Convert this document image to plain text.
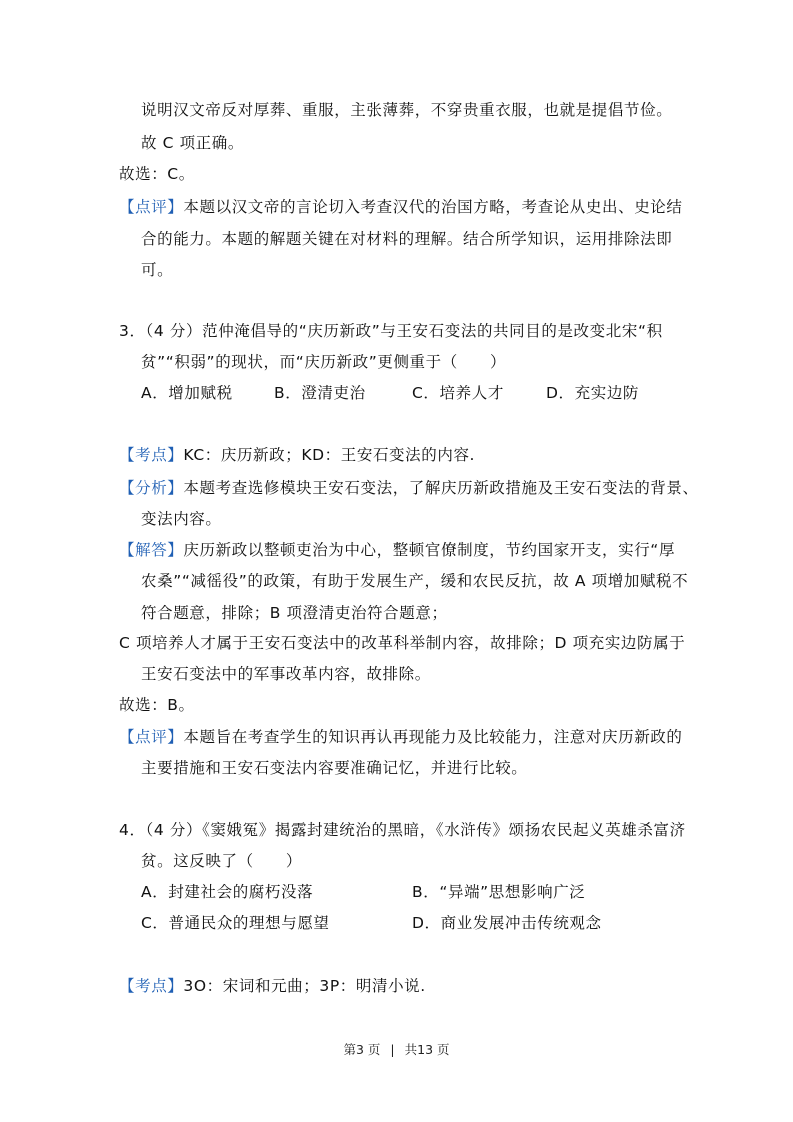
说明汉文帝反对厚葬、重服，主张薄葬，不穿贵重衣服，也就是提倡节俭。
故 C 项正确。
故选：C。
【点评】本题以汉文帝的言论切入考查汉代的治国方略，考查论从史出、史论结
合的能力。本题的解题关键在对材料的理解。结合所学知识，运用排除法即
可。
3．（4 分）范仲淹倡导的“庆历新政”与王安石变法的共同目的是改变北宋“积
贫”“积弱”的现状，而“庆历新政”更侧重于（　　）
A．增加赋税	B．澄清吏治	C．培养人才	D．充实边防
【考点】KC：庆历新政；KD：王安石变法的内容.
【分析】本题考查选修模块王安石变法，了解庆历新政措施及王安石变法的背景、
变法内容。
【解答】庆历新政以整顿吏治为中心，整顿官僚制度，节约国家开支，实行“厚
农桑”“减徭役”的政策，有助于发展生产，缓和农民反抗，故 A 项增加赋税不
符合题意，排除；B 项澄清吏治符合题意；
C 项培养人才属于王安石变法中的改革科举制内容，故排除；D 项充实边防属于
王安石变法中的军事改革内容，故排除。
故选：B。
【点评】本题旨在考查学生的知识再认再现能力及比较能力，注意对庆历新政的
主要措施和王安石变法内容要准确记忆，并进行比较。
4．（4 分）《窦娥冤》揭露封建统治的黑暗，《水浒传》颂扬农民起义英雄杀富济
贫。这反映了（　　）
A．封建社会的腐朽没落	B．“异端”思想影响广泛
C．普通民众的理想与愿望	D．商业发展冲击传统观念
【考点】3O：宋词和元曲；3P：明清小说.
第3 页 | 共13 页
